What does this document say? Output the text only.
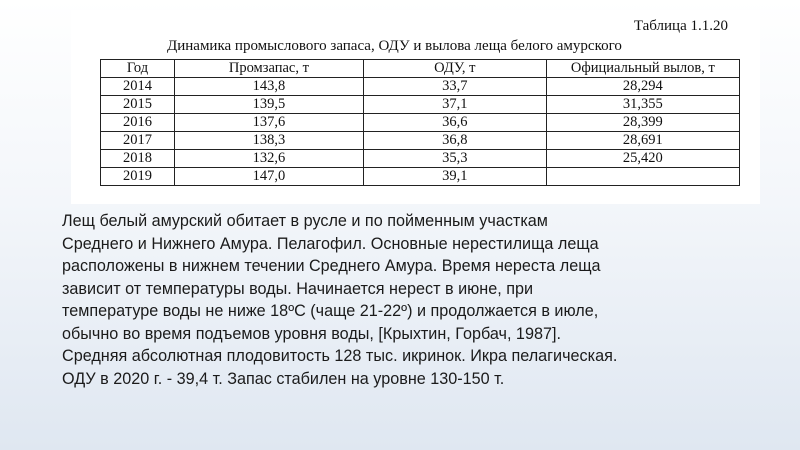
Таблица 1.1.20
Динамика промыслового запаса, ОДУ и вылова леща белого амурского
Год	Промзапас, т	ОДУ, т	Официальный вылов, т
2014	143,8	33,7	28,294
2015	139,5	37,1	31,355
2016	137,6	36,6	28,399
2017	138,3	36,8	28,691
2018	132,6	35,3	25,420
2019	147,0	39,1	

Лещ белый амурский обитает в русле и по пойменным участкам
Среднего и Нижнего Амура. Пелагофил. Основные нерестилища леща
расположены в нижнем течении Среднего Амура. Время нереста леща
зависит от температуры воды. Начинается нерест в июне, при
температуре воды не ниже 18ºС (чаще 21-22º) и продолжается в июле,
обычно во время подъемов уровня воды, [Крыхтин, Горбач, 1987].
Средняя абсолютная плодовитость 128 тыс. икринок. Икра пелагическая.
ОДУ в 2020 г. - 39,4 т. Запас стабилен на уровне 130-150 т.
